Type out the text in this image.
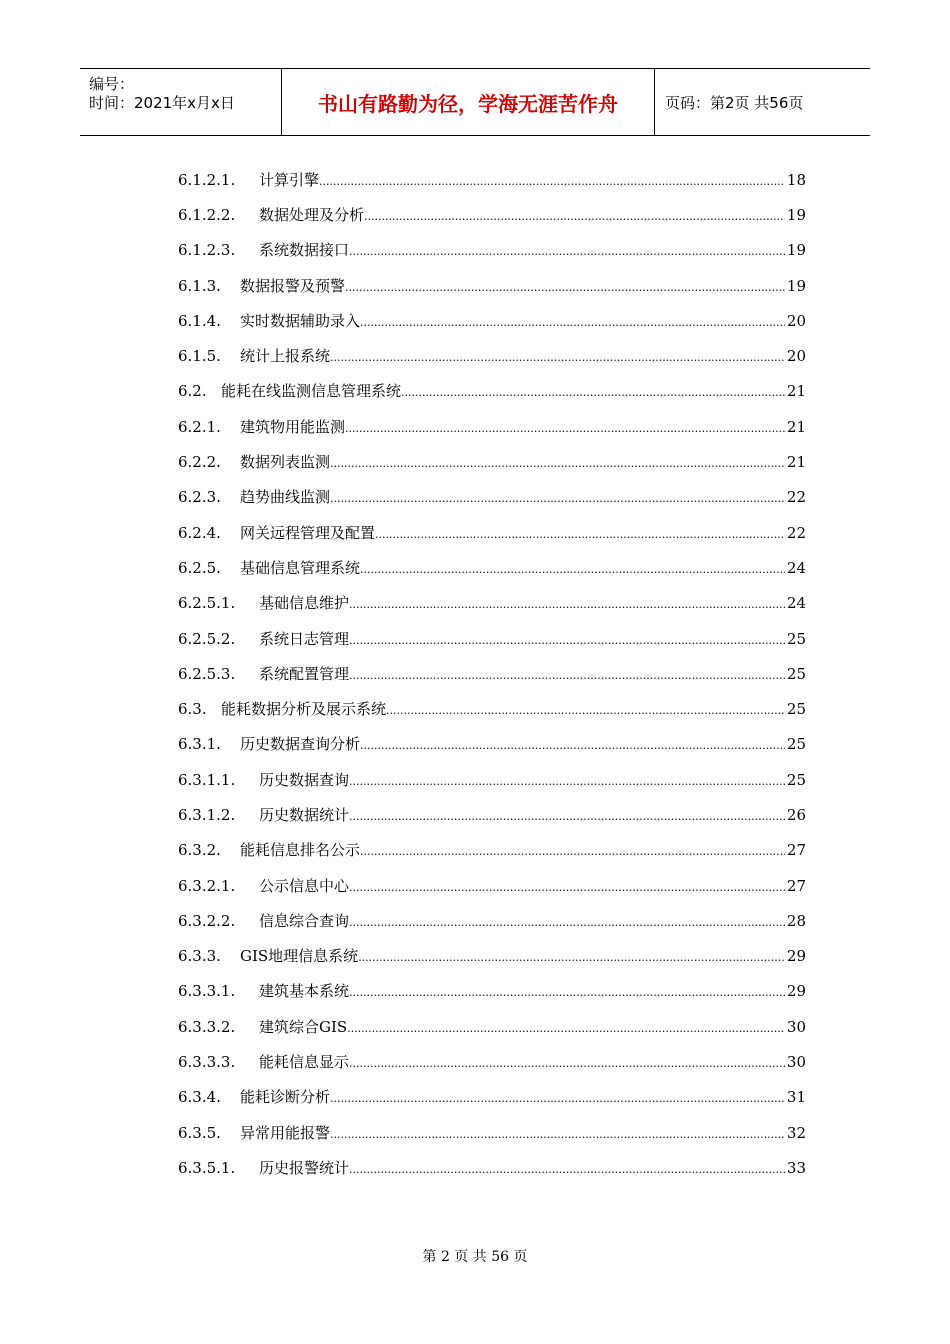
编号：
时间：2021年x月x日	书山有路勤为径，学海无涯苦作舟	页码：第2页 共56页
6.1.2.1.	计算引擎 .....	18
6.1.2.2.	数据处理及分析 .....	19
6.1.2.3.	系统数据接口 .....	19
6.1.3.	数据报警及预警 .....	19
6.1.4.	实时数据辅助录入 .....	20
6.1.5.	统计上报系统 .....	20
6.2. 能耗在线监测信息管理系统 .....	21
6.2.1.	建筑物用能监测 .....	21
6.2.2.	数据列表监测 .....	21
6.2.3.	趋势曲线监测 .....	22
6.2.4.	网关远程管理及配置 .....	22
6.2.5.	基础信息管理系统 .....	24
6.2.5.1.	基础信息维护 .....	24
6.2.5.2.	系统日志管理 .....	25
6.2.5.3.	系统配置管理 .....	25
6.3. 能耗数据分析及展示系统 .....	25
6.3.1.	历史数据查询分析 .....	25
6.3.1.1.	历史数据查询 .....	25
6.3.1.2.	历史数据统计 .....	26
6.3.2.	能耗信息排名公示 .....	27
6.3.2.1.	公示信息中心 .....	27
6.3.2.2.	信息综合查询 .....	28
6.3.3.	GIS地理信息系统 .....	29
6.3.3.1.	建筑基本系统 .....	29
6.3.3.2.	建筑综合GIS .....	30
6.3.3.3.	能耗信息显示 .....	30
6.3.4.	能耗诊断分析 .....	31
6.3.5.	异常用能报警 .....	32
6.3.5.1.	历史报警统计 .....	33
第 2 页 共 56 页
